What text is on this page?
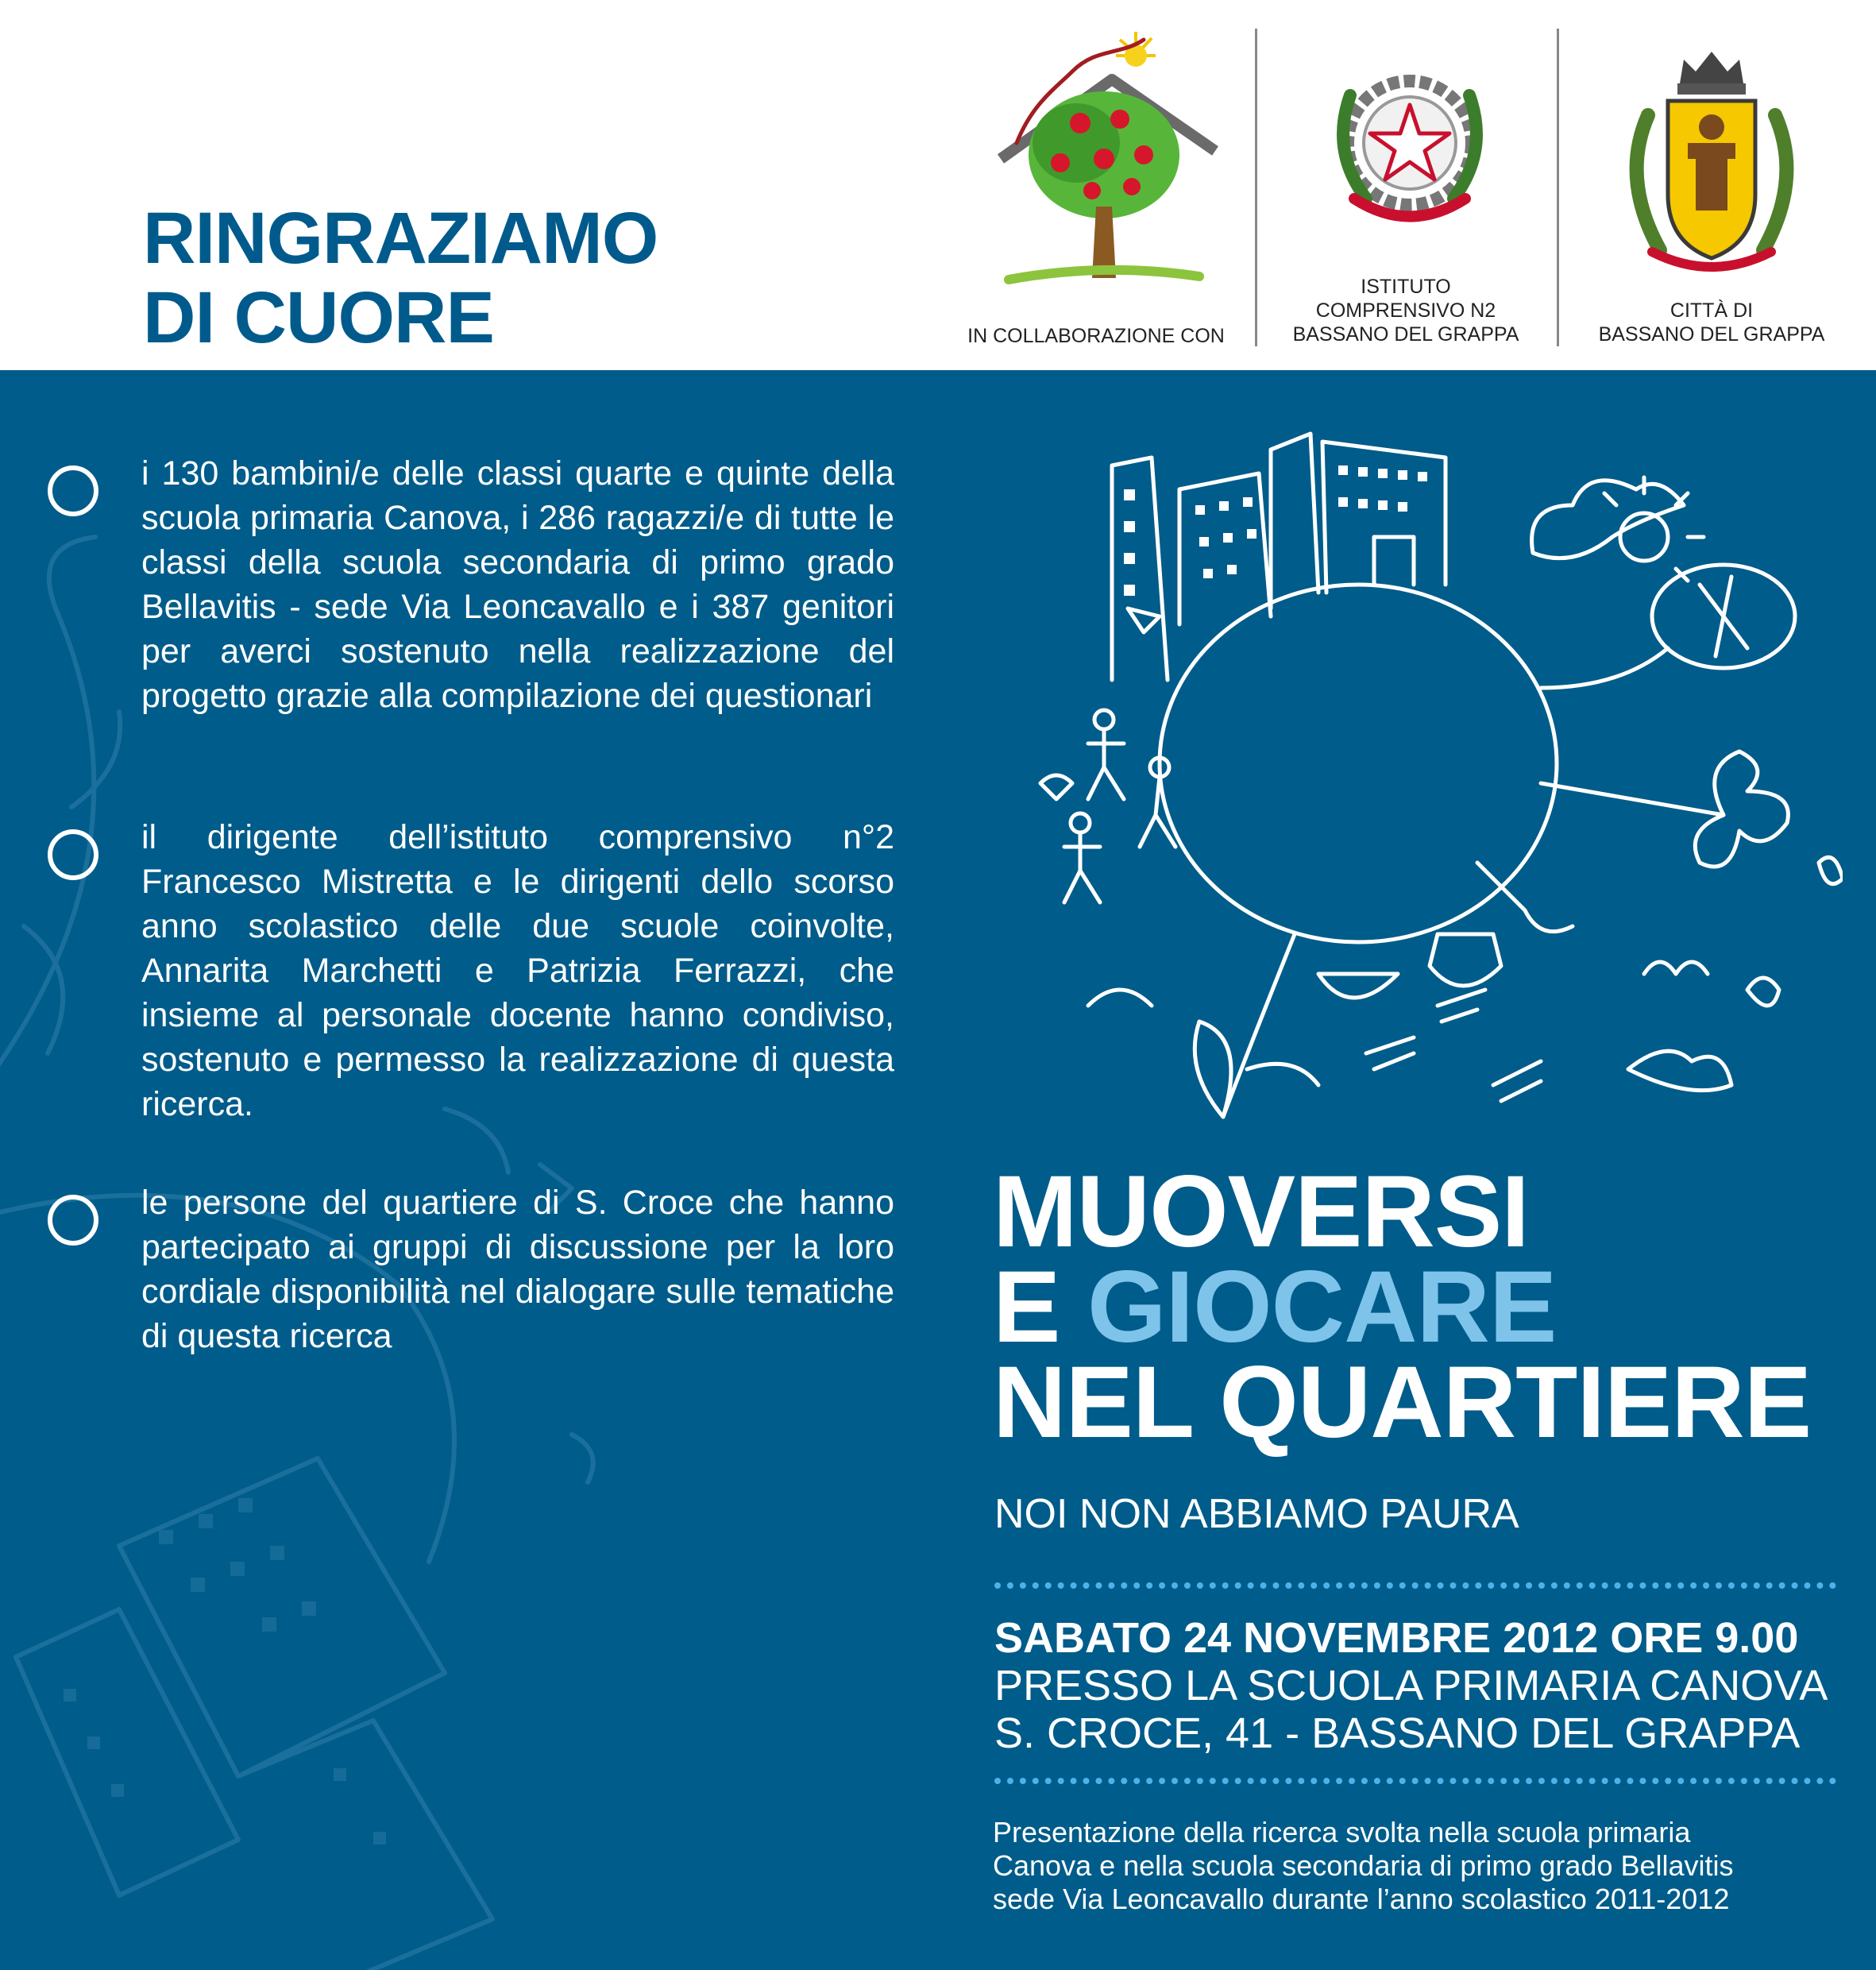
RINGRAZIAMO
DI CUORE	IN COLLABORAZIONE CON
ISTITUTO
COMPRENSIVO N2
BASSANO DEL GRAPPA
CITTÀ DI
BASSANO DEL GRAPPA

i 130 bambini/e delle classi quarte e quinte della scuola primaria Canova, i 286 ragazzi/e di tutte le classi della scuola secondaria di primo grado Bellavitis - sede Via Leoncavallo e i 387 genitori per averci sostenuto nella realizzazione del progetto grazie alla compilazione dei questionari

il dirigente dell’istituto comprensivo n°2 Francesco Mistretta e le dirigenti dello scorso anno scolastico delle due scuole coinvolte, Annarita Marchetti e Patrizia Ferrazzi, che insieme al personale docente hanno condiviso, sostenuto e permesso la realizzazione di questa ricerca.

le persone del quartiere di S. Croce che hanno partecipato ai gruppi di discussione per la loro cordiale disponibilità nel dialogare sulle tematiche di questa ricerca

MUOVERSI
E GIOCARE
NEL QUARTIERE
NOI NON ABBIAMO PAURA
SABATO 24 NOVEMBRE 2012 ORE 9.00
PRESSO LA SCUOLA PRIMARIA CANOVA
S. CROCE, 41 - BASSANO DEL GRAPPA

Presentazione della ricerca svolta nella scuola primaria
Canova e nella scuola secondaria di primo grado Bellavitis
sede Via Leoncavallo durante l’anno scolastico 2011-2012
